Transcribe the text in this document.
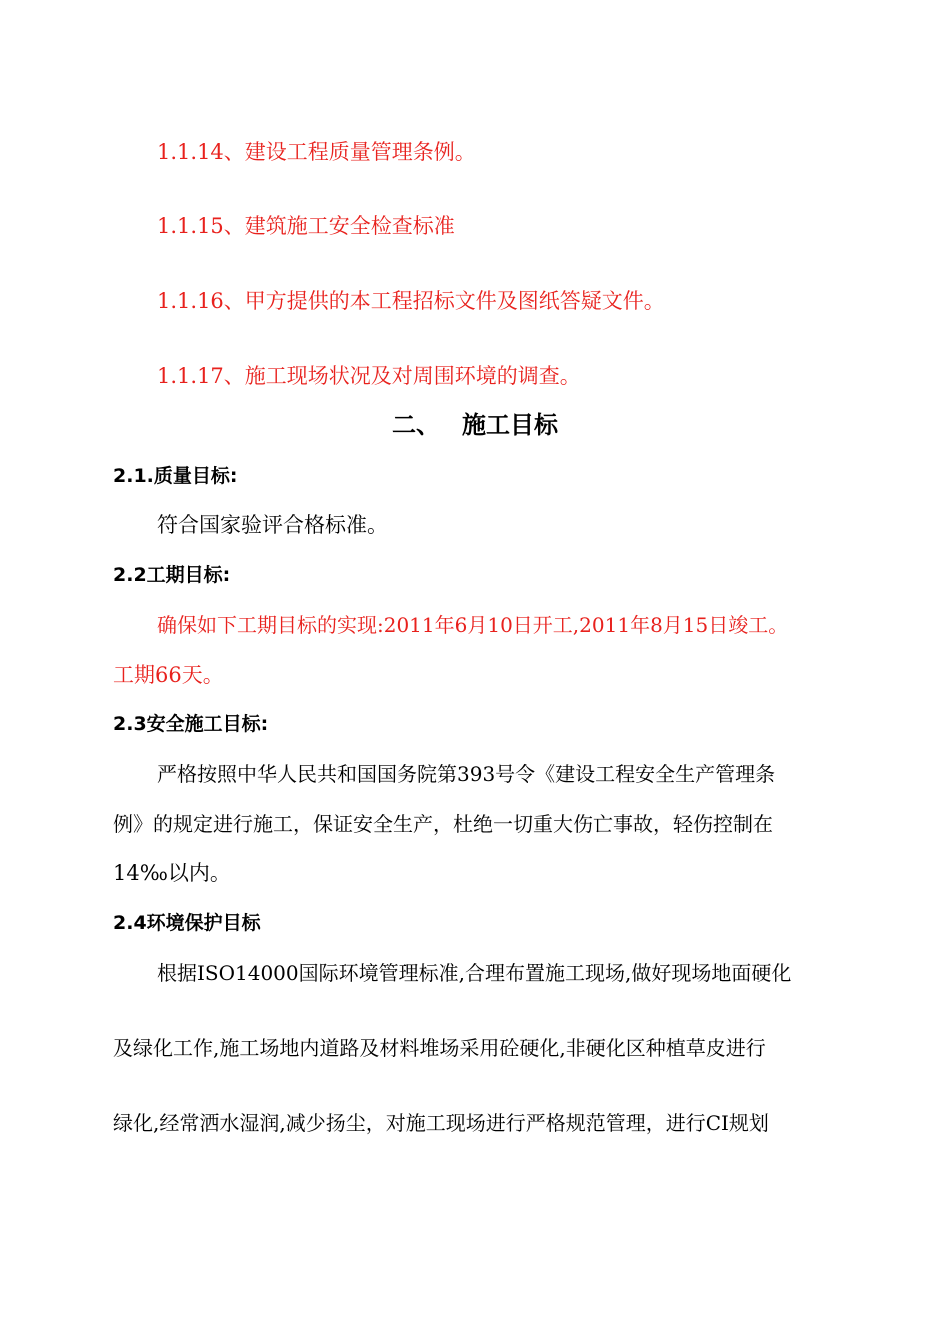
1.1.14、建设工程质量管理条例。
1.1.15、建筑施工安全检查标准
1.1.16、甲方提供的本工程招标文件及图纸答疑文件。
1.1.17、施工现场状况及对周围环境的调查。
二、 施工目标
2.1.质量目标:
符合国家验评合格标准。
2.2工期目标:
确保如下工期目标的实现:2011年6月10日开工,2011年8月15日竣工。
工期66天。
2.3安全施工目标:
严格按照中华人民共和国国务院第393号令《建设工程安全生产管理条
例》的规定进行施工，保证安全生产，杜绝一切重大伤亡事故，轻伤控制在
14‰以内。
2.4环境保护目标
根据ISO14000国际环境管理标准,合理布置施工现场,做好现场地面硬化
及绿化工作,施工场地内道路及材料堆场采用砼硬化,非硬化区种植草皮进行
绿化,经常洒水湿润,减少扬尘，对施工现场进行严格规范管理，进行CI规划
